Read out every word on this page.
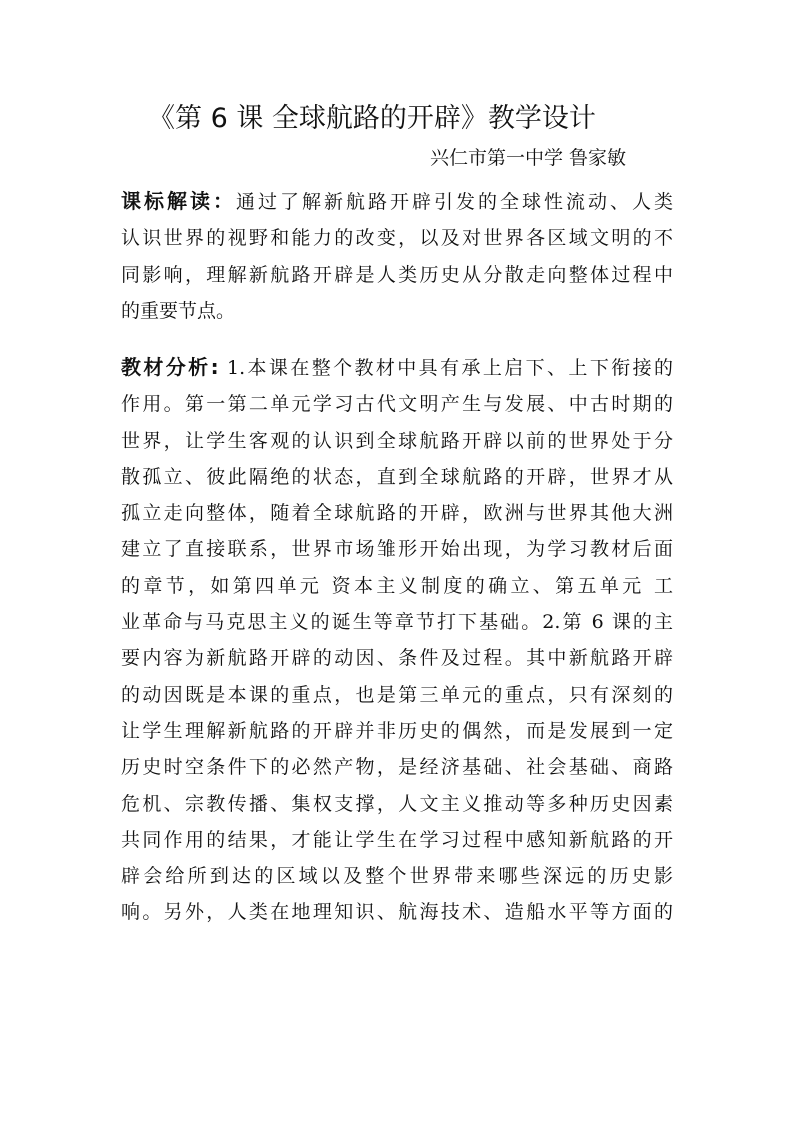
《第 6 课 全球航路的开辟》教学设计
兴仁市第一中学 鲁家敏
课标解读：通过了解新航路开辟引发的全球性流动、人类
认识世界的视野和能力的改变，以及对世界各区域文明的不
同影响，理解新航路开辟是人类历史从分散走向整体过程中
的重要节点。
教材分析: 1.本课在整个教材中具有承上启下、上下衔接的
作用。第一第二单元学习古代文明产生与发展、中古时期的
世界，让学生客观的认识到全球航路开辟以前的世界处于分
散孤立、彼此隔绝的状态，直到全球航路的开辟，世界才从
孤立走向整体，随着全球航路的开辟，欧洲与世界其他大洲
建立了直接联系，世界市场雏形开始出现，为学习教材后面
的章节，如第四单元 资本主义制度的确立、第五单元 工
业革命与马克思主义的诞生等章节打下基础。2.第 6 课的主
要内容为新航路开辟的动因、条件及过程。其中新航路开辟
的动因既是本课的重点，也是第三单元的重点，只有深刻的
让学生理解新航路的开辟并非历史的偶然，而是发展到一定
历史时空条件下的必然产物，是经济基础、社会基础、商路
危机、宗教传播、集权支撑，人文主义推动等多种历史因素
共同作用的结果，才能让学生在学习过程中感知新航路的开
辟会给所到达的区域以及整个世界带来哪些深远的历史影
响。另外，人类在地理知识、航海技术、造船水平等方面的
